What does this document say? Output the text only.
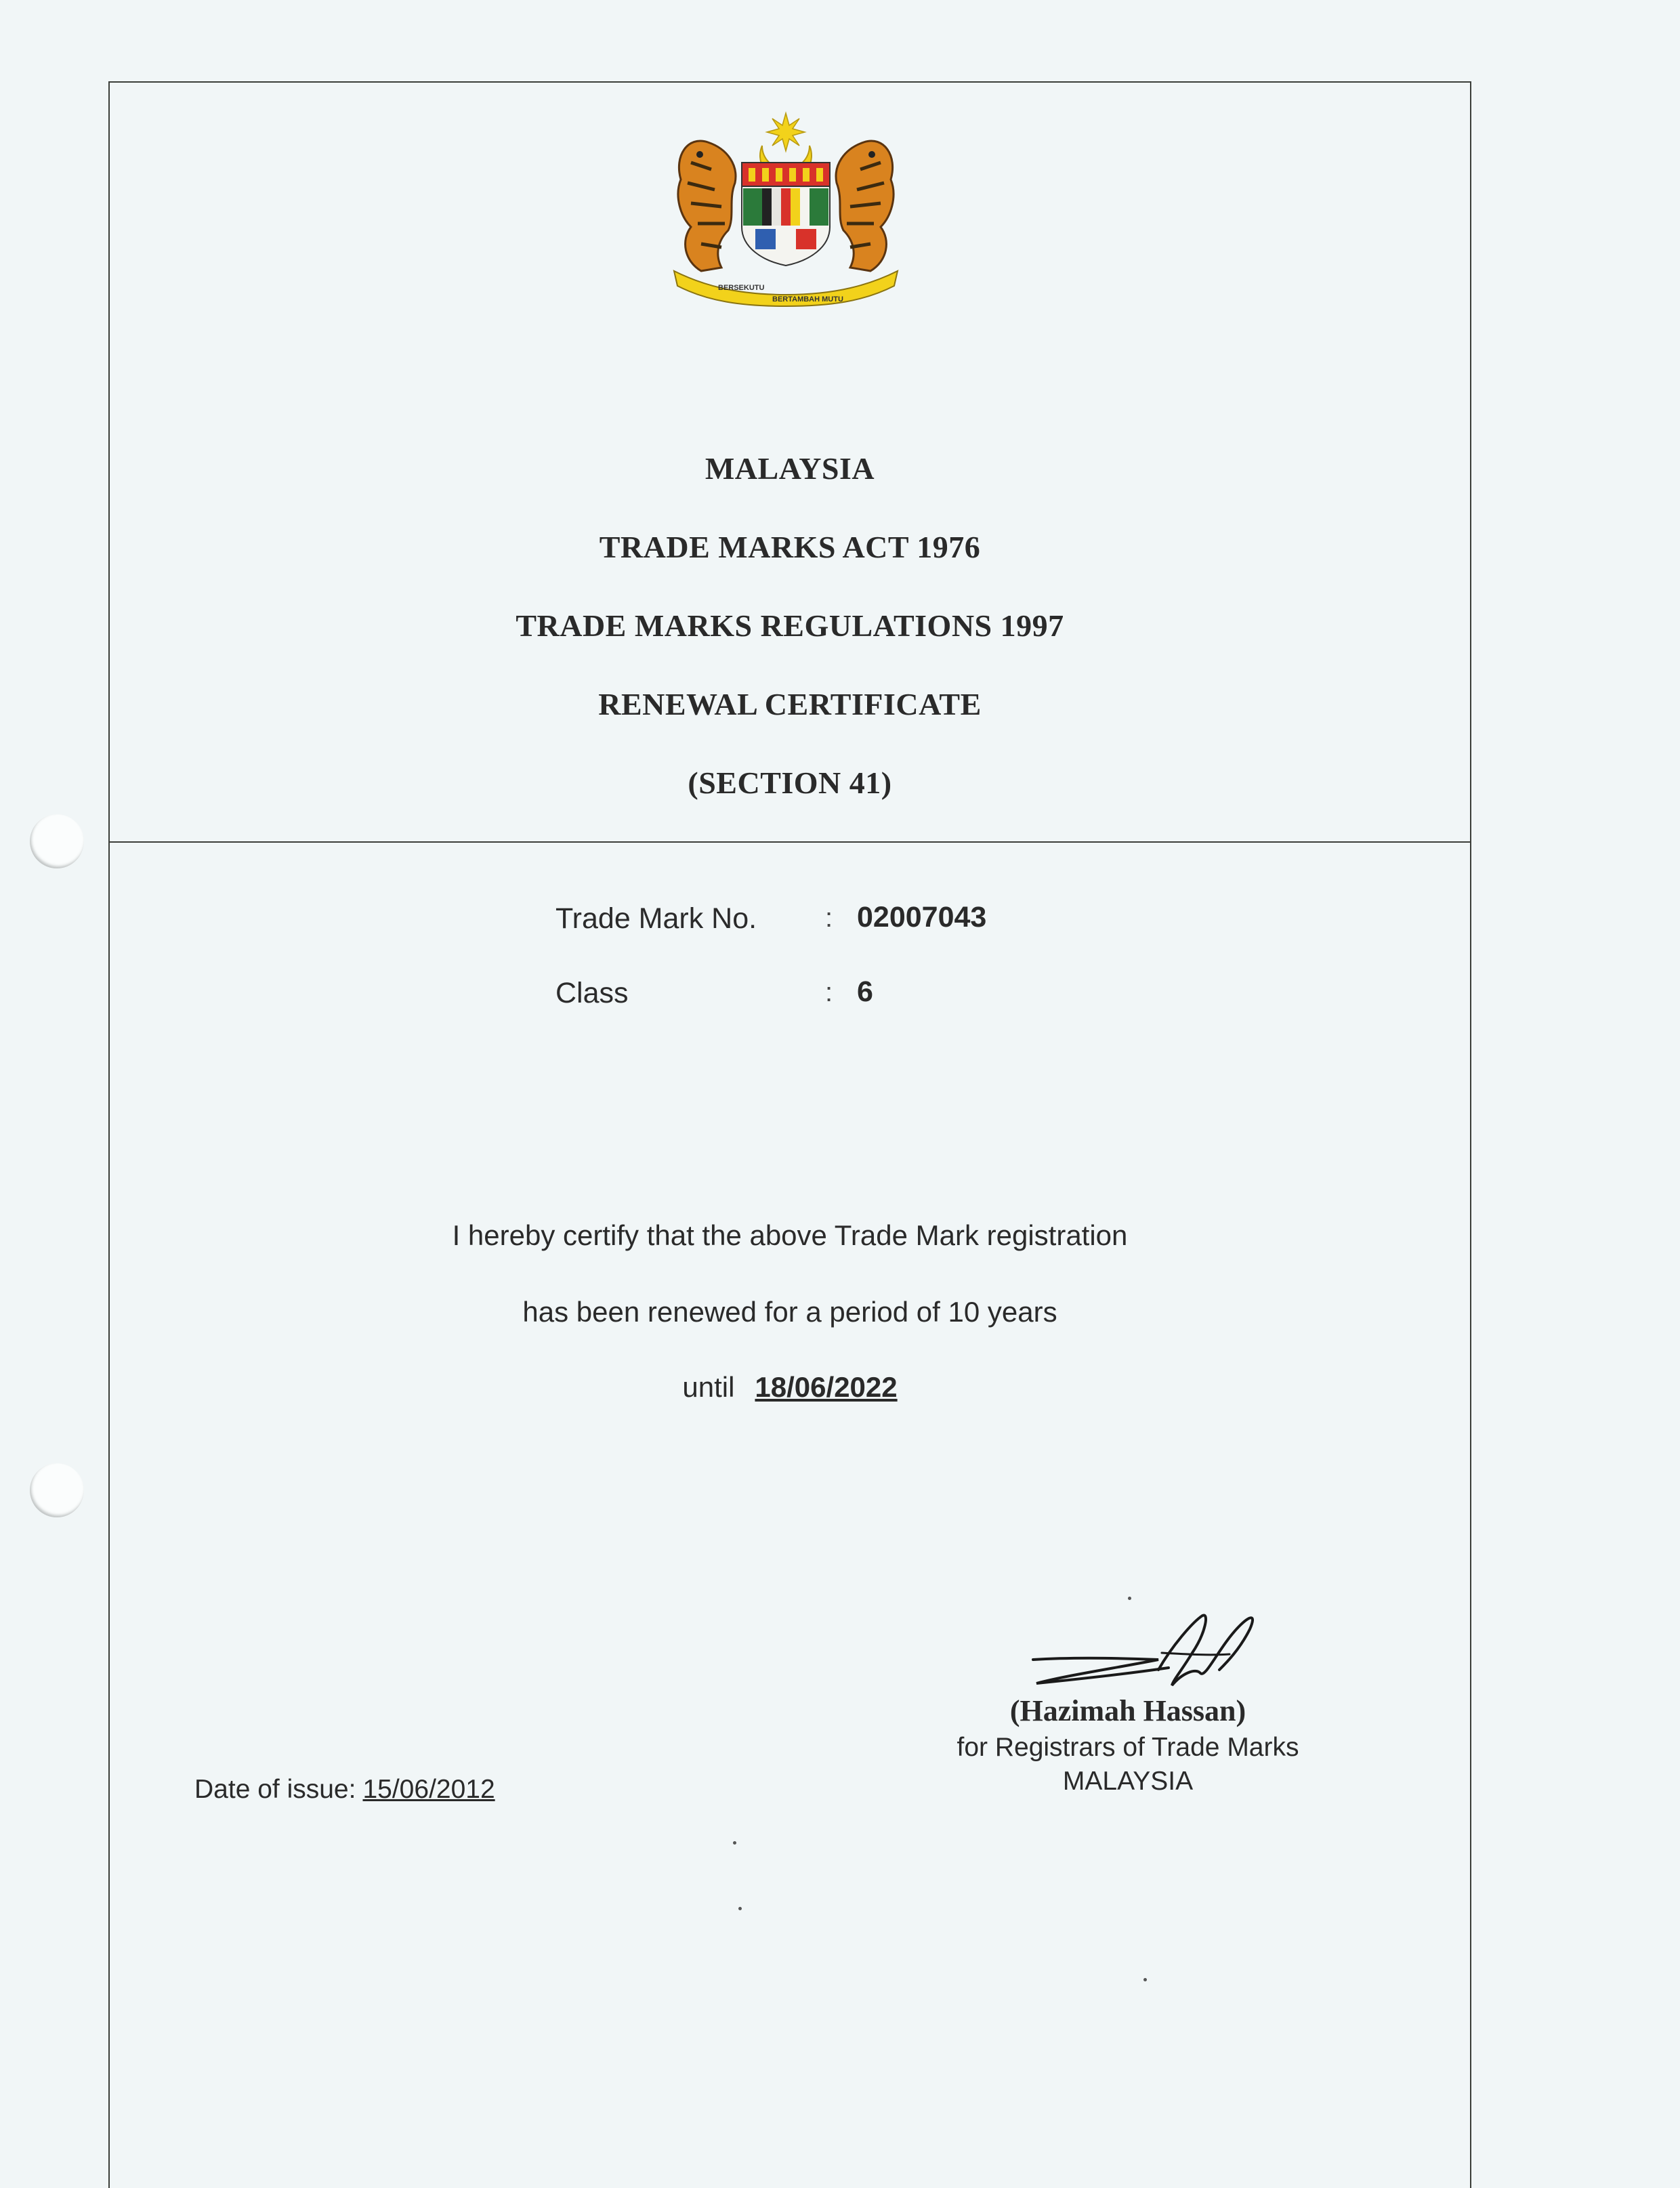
BERSEKUTU
BERTAMBAH MUTU
MALAYSIA
TRADE MARKS ACT 1976
TRADE MARKS REGULATIONS 1997
RENEWAL CERTIFICATE
(SECTION 41)
Trade Mark No.	: 02007043
Class	: 6
I hereby certify that the above Trade Mark registration
has been renewed for a period of 10 years
until 18/06/2022
(Hazimah Hassan)
for Registrars of Trade Marks
MALAYSIA
Date of issue: 15/06/2012
